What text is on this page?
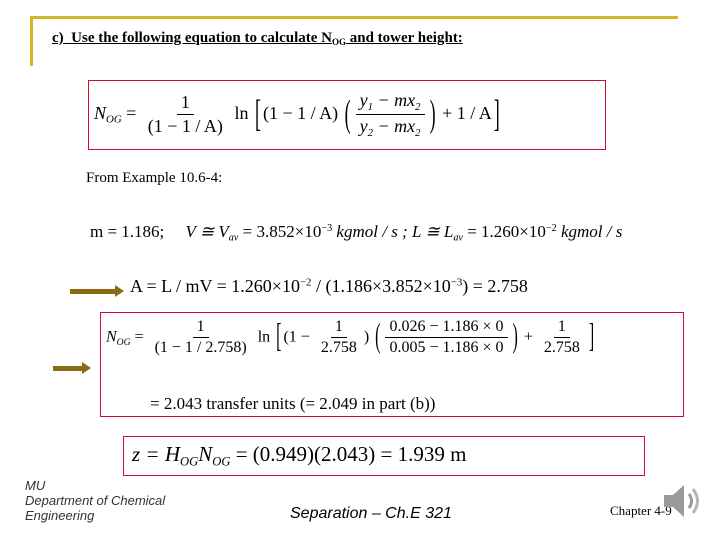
c) Use the following equation to calculate $N_{OG}$ and tower height:
$N_{OG} = \frac{1}{(1 - 1 / A)}$ ln [ (1 − 1 / A) ( $\frac{y_1 - mx_2}{y_2 - mx_2}$ ) + 1 / A ]
From Example 10.6-4:
m = 1.186; V ≅ $V_{av} = 3.852\times 10^{-3}$ kgmol / s ; L ≅ $L_{av} = 1.260\times 10^{-2}$ kgmol / s
A = L / mV = $1.260\times 10^{-2} / (1.186\times 3.852\times 10^{-3}) = 2.758$
$N_{OG} = \frac{1}{(1 - 1 / 2.758)}$ ln [ ($1 - \frac{1}{2.758}$ ) ( $\frac{0.026 - 1.186 \times 0}{0.005 - 1.186 \times 0}$ ) + $\frac{1}{2.758}$ ]
= 2.043 transfer units (= 2.049 in part (b))
$z = H_{OG}N_{OG} = (0.949)(2.043) = 1.939$ m
MU
Department of Chemical
Engineering	Separation – Ch.E 321	Chapter 4-9
